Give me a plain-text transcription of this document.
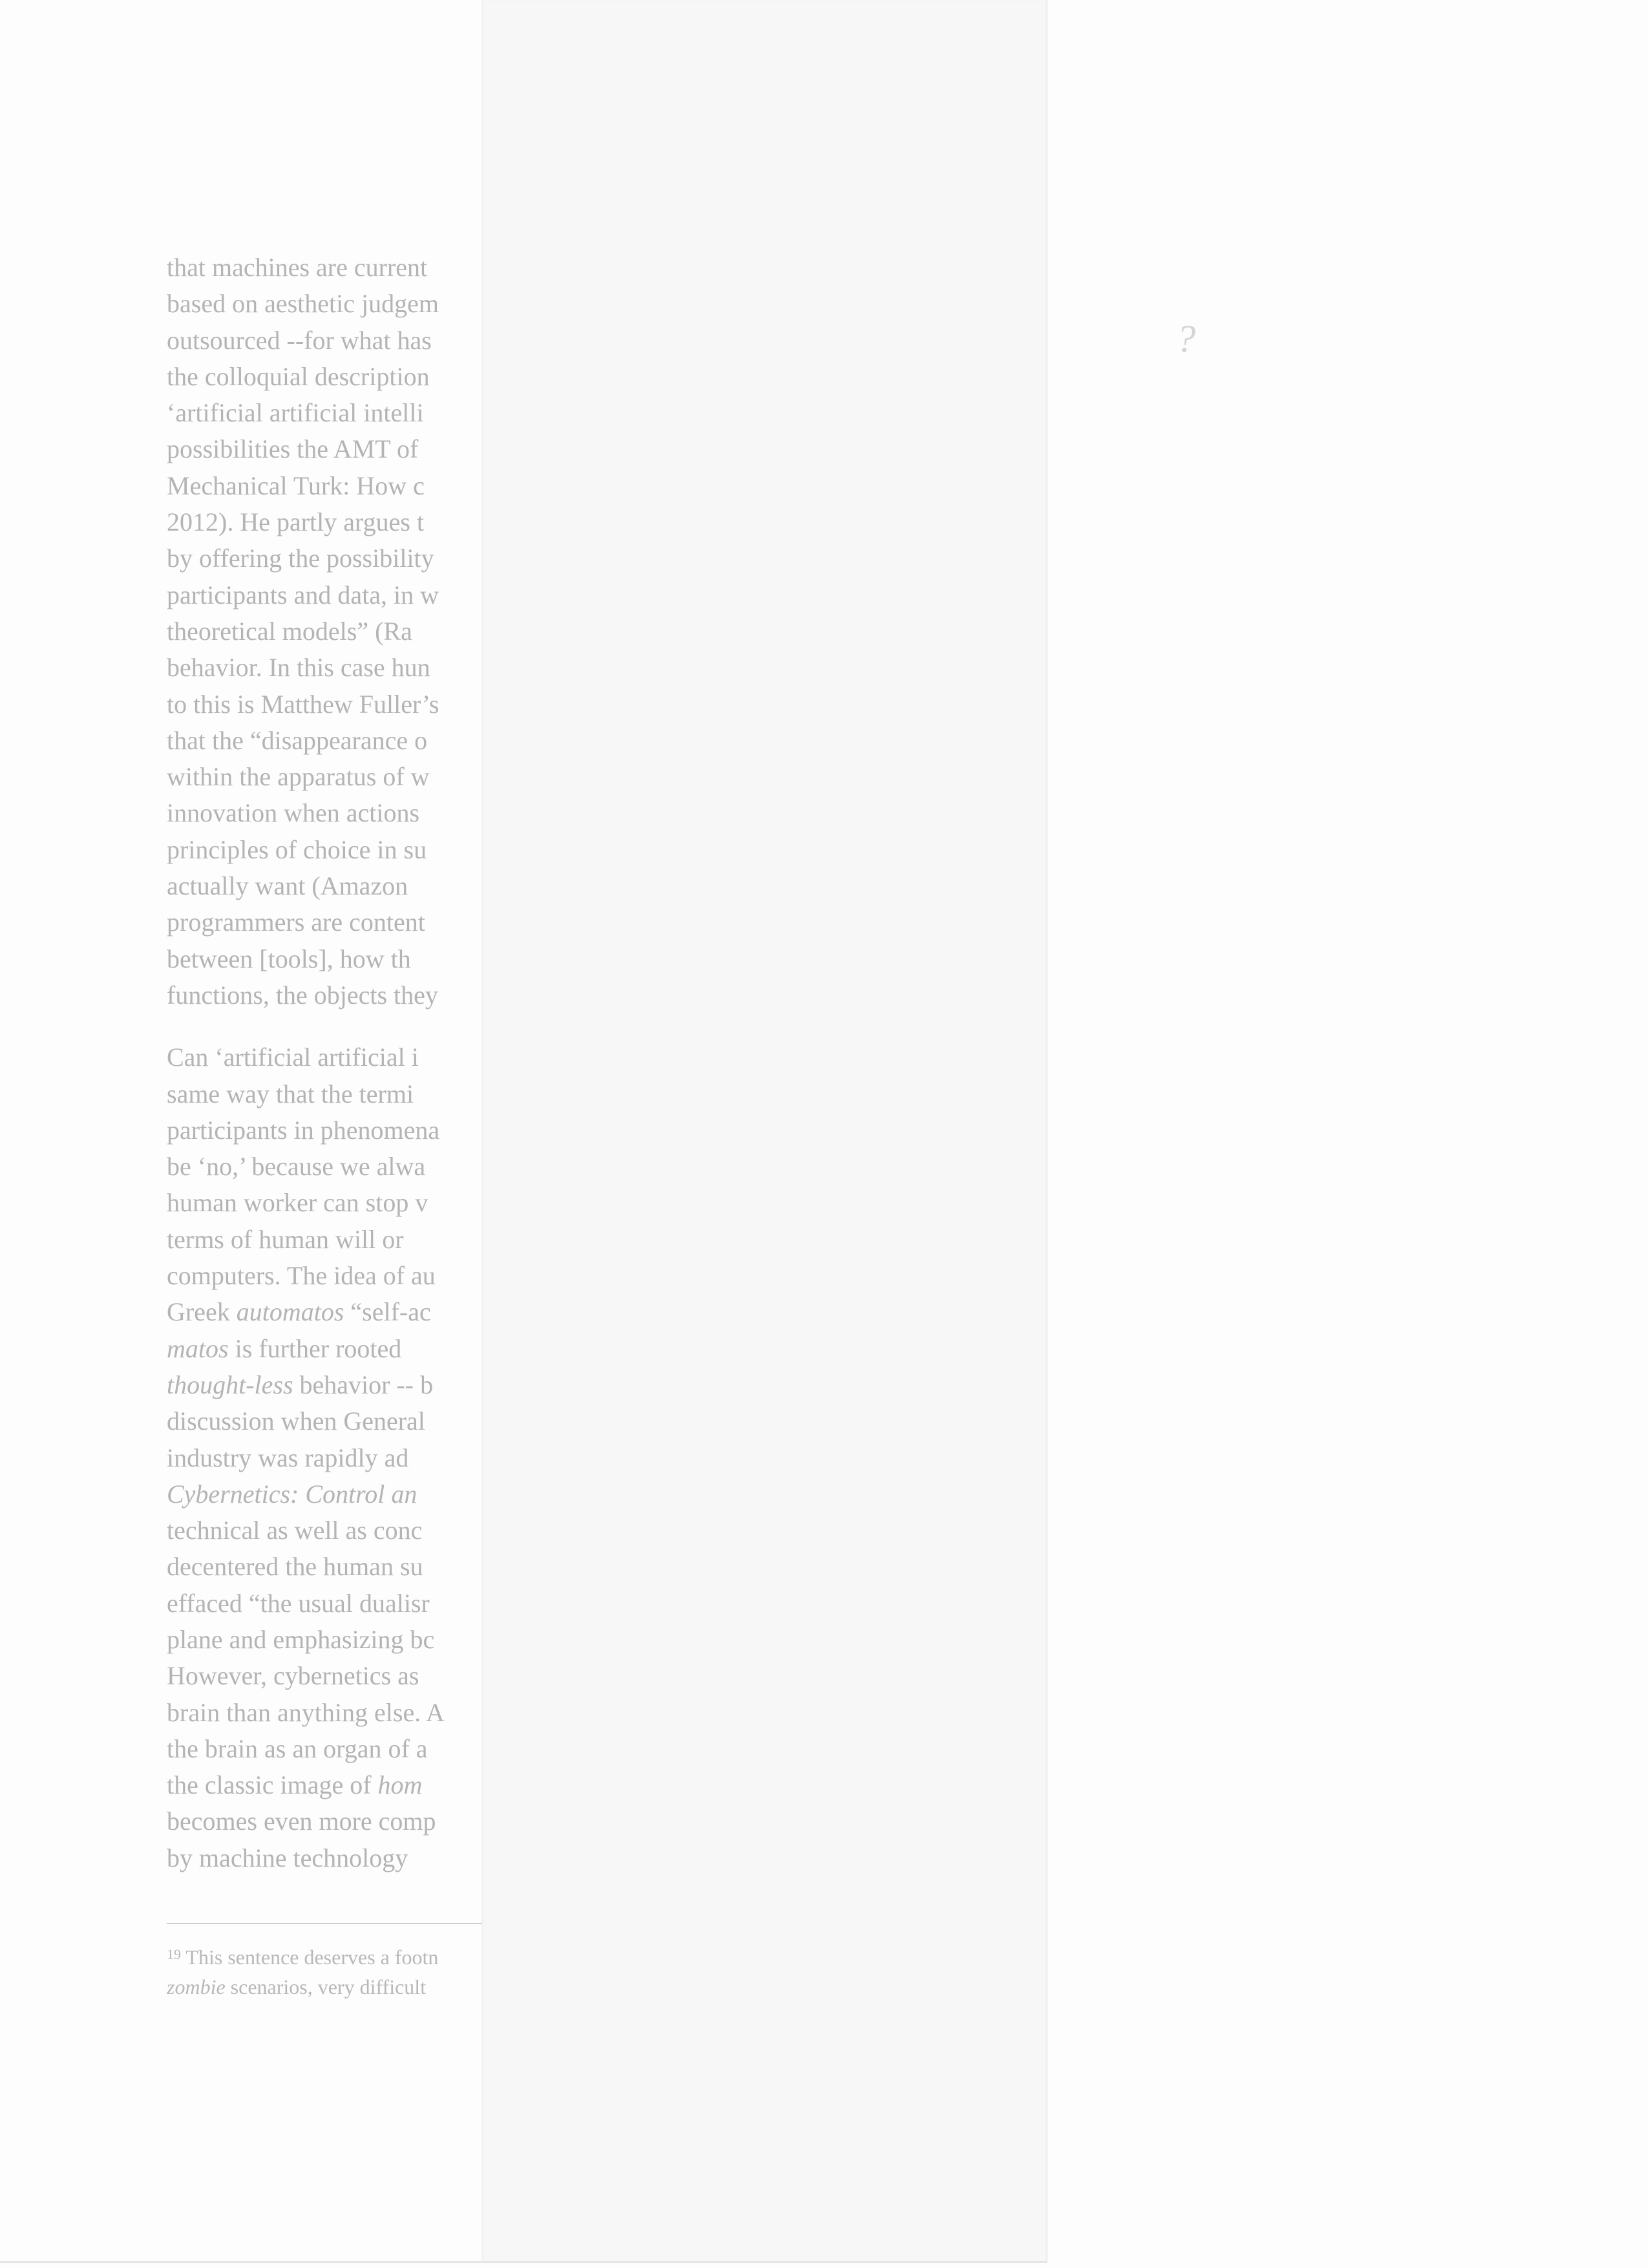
?
that machines are current
based on aesthetic judgem
outsourced --for what has
the colloquial description
‘artificial artificial intelli
possibilities the AMT of
Mechanical Turk: How c
2012). He partly argues t
by offering the possibility
participants and data, in w
theoretical models” (Ra
behavior. In this case hun
to this is Matthew Fuller’s
that the “disappearance o
within the apparatus of w
innovation when actions
principles of choice in su
actually want (Amazon
programmers are content
between [tools], how th
functions, the objects they
Can ‘artificial artificial i
same way that the termi
participants in phenomena
be ‘no,’ because we alwa
human worker can stop v
terms of human will or
computers. The idea of au
Greek automatos “self-ac
matos is further rooted
thought-less behavior -- b
discussion when General
industry was rapidly ad
Cybernetics: Control an
technical as well as conc
decentered the human su
effaced “the usual dualisr
plane and emphasizing bc
However, cybernetics as
brain than anything else. A
the brain as an organ of a
the classic image of hom
becomes even more comp
by machine technology
$^{19}$ This sentence deserves a footn
zombie scenarios, very difficult
